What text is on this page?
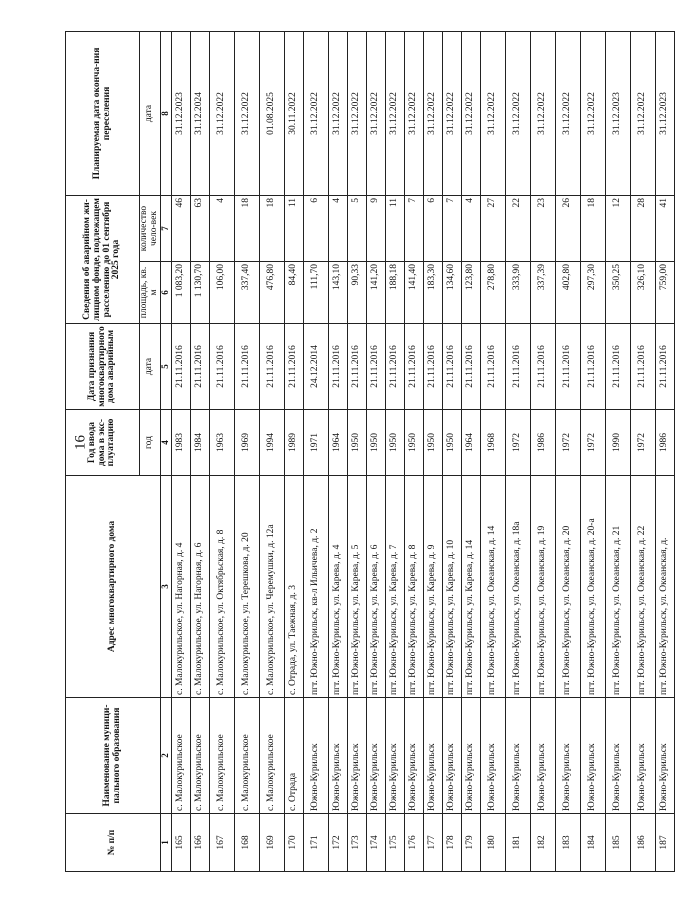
16
№ п/п	Наименование муници-пального образования	Адрес многоквартирного дома	Год ввода дома в экс-плуатацию	Дата признания многоквартирного дома аварийным	Сведения об аварийном жи-лищном фонде, подлежащем расселению до 01 сентября 2025 года		Планируемая дата оконча-ния переселения
			год	дата	площадь, кв. м	количество чело-век	дата
1	2	3	4	5	6	7	8
165	с. Малокурильское	с. Малокурильское, ул. Нагорная, д. 4	1983	21.11.2016	1 083,20	46	31.12.2023
166	с. Малокурильское	с. Малокурильское, ул. Нагорная, д. 6	1984	21.11.2016	1 130,70	63	31.12.2024
167	с. Малокурильское	с. Малокурильское, ул. Октябрьская, д. 8	1963	21.11.2016	106,00	4	31.12.2022
168	с. Малокурильское	с. Малокурильское, ул. Терешкова, д. 20	1969	21.11.2016	337,40	18	31.12.2022
169	с. Малокурильское	с. Малокурильское, ул. Черемушки, д. 12а	1994	21.11.2016	476,80	18	01.08.2025
170	с. Отрада	с. Отрада, ул. Таежная, д. 3	1989	21.11.2016	84,40	11	30.11.2022
171	Южно-Курильск	пгт. Южно-Курильск, кв-л Ильичева, д. 2	1971	24.12.2014	111,70	6	31.12.2022
172	Южно-Курильск	пгт. Южно-Курильск, ул. Карева, д. 4	1964	21.11.2016	143,10	4	31.12.2022
173	Южно-Курильск	пгт. Южно-Курильск, ул. Карева, д. 5	1950	21.11.2016	90,33	5	31.12.2022
174	Южно-Курильск	пгт. Южно-Курильск, ул. Карева, д. 6	1950	21.11.2016	141,20	9	31.12.2022
175	Южно-Курильск	пгт. Южно-Курильск, ул. Карева, д. 7	1950	21.11.2016	188,18	11	31.12.2022
176	Южно-Курильск	пгт. Южно-Курильск, ул. Карева, д. 8	1950	21.11.2016	141,40	7	31.12.2022
177	Южно-Курильск	пгт. Южно-Курильск, ул. Карева, д. 9	1950	21.11.2016	183,30	6	31.12.2022
178	Южно-Курильск	пгт. Южно-Курильск, ул. Карева, д. 10	1950	21.11.2016	134,60	7	31.12.2022
179	Южно-Курильск	пгт. Южно-Курильск, ул. Карева, д. 14	1964	21.11.2016	123,80	4	31.12.2022
180	Южно-Курильск	пгт. Южно-Курильск, ул. Океанская, д. 14	1968	21.11.2016	278,80	27	31.12.2022
181	Южно-Курильск	пгт. Южно-Курильск, ул. Океанская, д. 18а	1972	21.11.2016	333,90	22	31.12.2022
182	Южно-Курильск	пгт. Южно-Курильск, ул. Океанская, д. 19	1986	21.11.2016	337,39	23	31.12.2022
183	Южно-Курильск	пгт. Южно-Курильск, ул. Океанская, д. 20	1972	21.11.2016	402,80	26	31.12.2022
184	Южно-Курильск	пгт. Южно-Курильск, ул. Океанская, д. 20-а	1972	21.11.2016	297,30	18	31.12.2022
185	Южно-Курильск	пгт. Южно-Курильск, ул. Океанская, д. 21	1990	21.11.2016	350,25	12	31.12.2023
186	Южно-Курильск	пгт. Южно-Курильск, ул. Океанская, д. 22	1972	21.11.2016	326,10	28	31.12.2022
187	Южно-Курильск	пгт. Южно-Курильск, ул. Океанская, д.	1986	21.11.2016	759,00	41	31.12.2023
